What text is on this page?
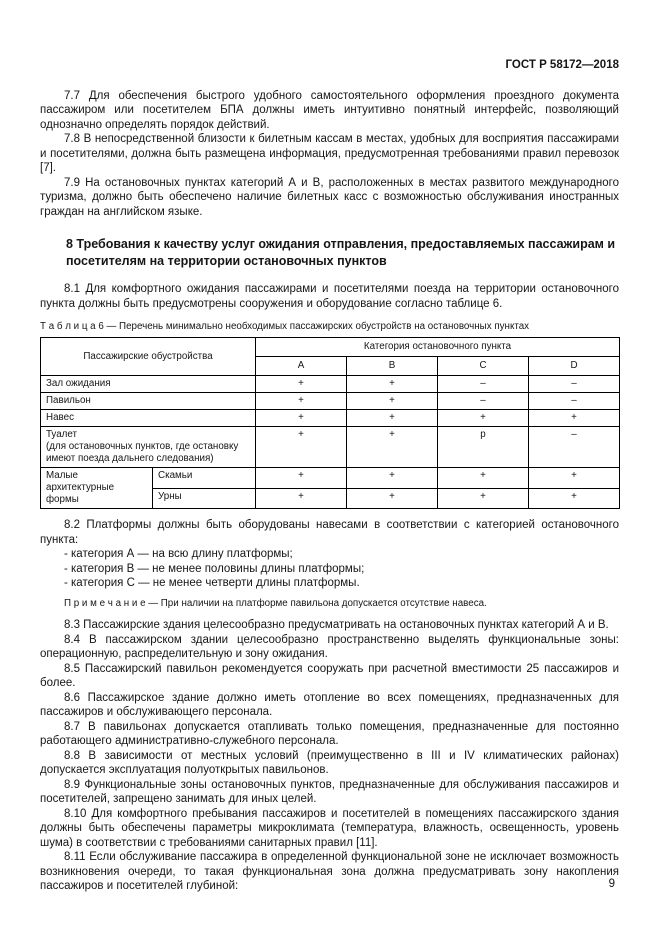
ГОСТ Р 58172—2018

7.7 Для обеспечения быстрого удобного самостоятельного оформления проездного документа пассажиром или посетителем БПА должны иметь интуитивно понятный интерфейс, позволяющий однозначно определять порядок действий.

7.8 В непосредственной близости к билетным кассам в местах, удобных для восприятия пассажирами и посетителями, должна быть размещена информация, предусмотренная требованиями правил перевозок [7].

7.9 На остановочных пунктах категорий А и В, расположенных в местах развитого международного туризма, должно быть обеспечено наличие билетных касс с возможностью обслуживания иностранных граждан на английском языке.

8 Требования к качеству услуг ожидания отправления, предоставляемых пассажирам и посетителям на территории остановочных пунктов

8.1 Для комфортного ожидания пассажирами и посетителями поезда на территории остановочного пункта должны быть предусмотрены сооружения и оборудование согласно таблице 6.

Т а б л и ц а 6 — Перечень минимально необходимых пассажирских обустройств на остановочных пунктах
Пассажирские обустройства		Категория остановочного пункта			
		А	В	С	D
Зал ожидания		+	+	–	–
Павильон		+	+	–	–
Навес		+	+	+	+

Туалет
(для остановочных пунктов, где остановку имеют поезда дальнего следования)		+	+	р	–
Малые архитектурные формы	Скамьи	+	+	+	+
	Урны	+	+	+	+

8.2 Платформы должны быть оборудованы навесами в соответствии с категорией остановочного пункта:

- категория А — на всю длину платформы;

- категория В — не менее половины длины платформы;

- категория С — не менее четверти длины платформы.

П р и м е ч а н и е — При наличии на платформе павильона допускается отсутствие навеса.

8.3 Пассажирские здания целесообразно предусматривать на остановочных пунктах категорий А и В.

8.4 В пассажирском здании целесообразно пространственно выделять функциональные зоны: операционную, распределительную и зону ожидания.

8.5 Пассажирский павильон рекомендуется сооружать при расчетной вместимости 25 пассажиров и более.

8.6 Пассажирское здание должно иметь отопление во всех помещениях, предназначенных для пассажиров и обслуживающего персонала.

8.7 В павильонах допускается отапливать только помещения, предназначенные для постоянно работающего административно-служебного персонала.

8.8 В зависимости от местных условий (преимущественно в III и IV климатических районах) допускается эксплуатация полуоткрытых павильонов.

8.9 Функциональные зоны остановочных пунктов, предназначенные для обслуживания пассажиров и посетителей, запрещено занимать для иных целей.

8.10 Для комфортного пребывания пассажиров и посетителей в помещениях пассажирского здания должны быть обеспечены параметры микроклимата (температура, влажность, освещенность, уровень шума) в соответствии с требованиями санитарных правил [11].

8.11 Если обслуживание пассажира в определенной функциональной зоне не исключает возможность возникновения очереди, то такая функциональная зона должна предусматривать зону накопления пассажиров и посетителей глубиной:	9
